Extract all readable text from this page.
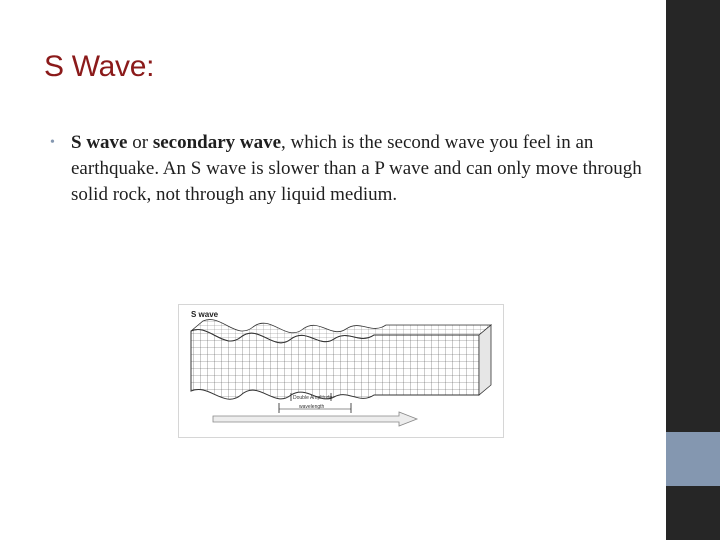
S Wave:
• S wave or secondary wave, which is the second wave you feel in an earthquake. An S wave is slower than a P wave and can only move through solid rock, not through any liquid medium.
Double Amplitude
wavelength
S wave
